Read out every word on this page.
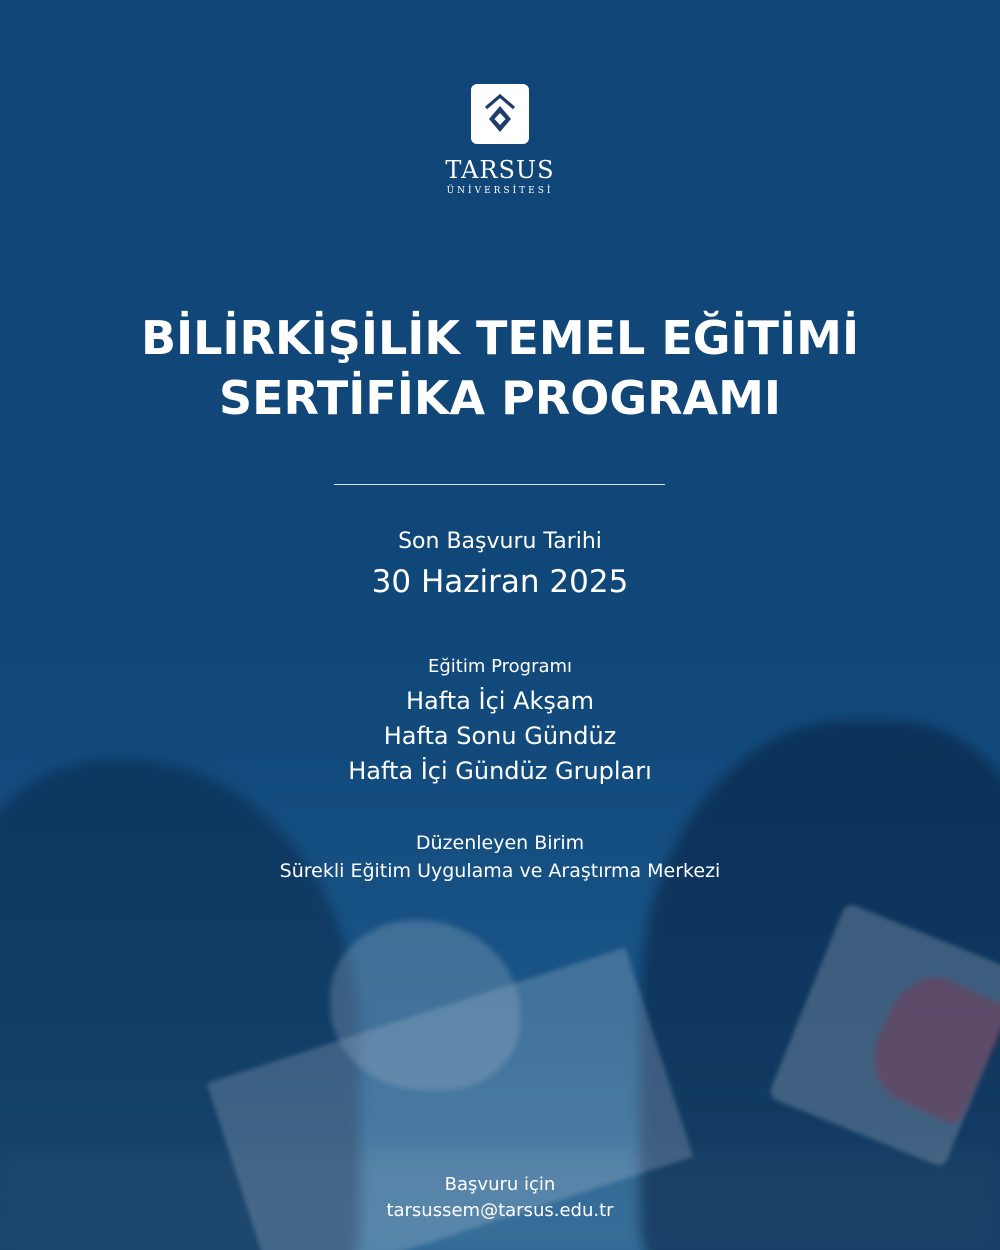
TARSUS
ÜNİVERSİTESİ
BİLİRKİŞİLİK TEMEL EĞİTİMİ
SERTİFİKA PROGRAMI
Son Başvuru Tarihi
30 Haziran 2025
Eğitim Programı
Hafta İçi Akşam
Hafta Sonu Gündüz
Hafta İçi Gündüz Grupları
Düzenleyen Birim
Sürekli Eğitim Uygulama ve Araştırma Merkezi
Başvuru için
tarsussem@tarsus.edu.tr
